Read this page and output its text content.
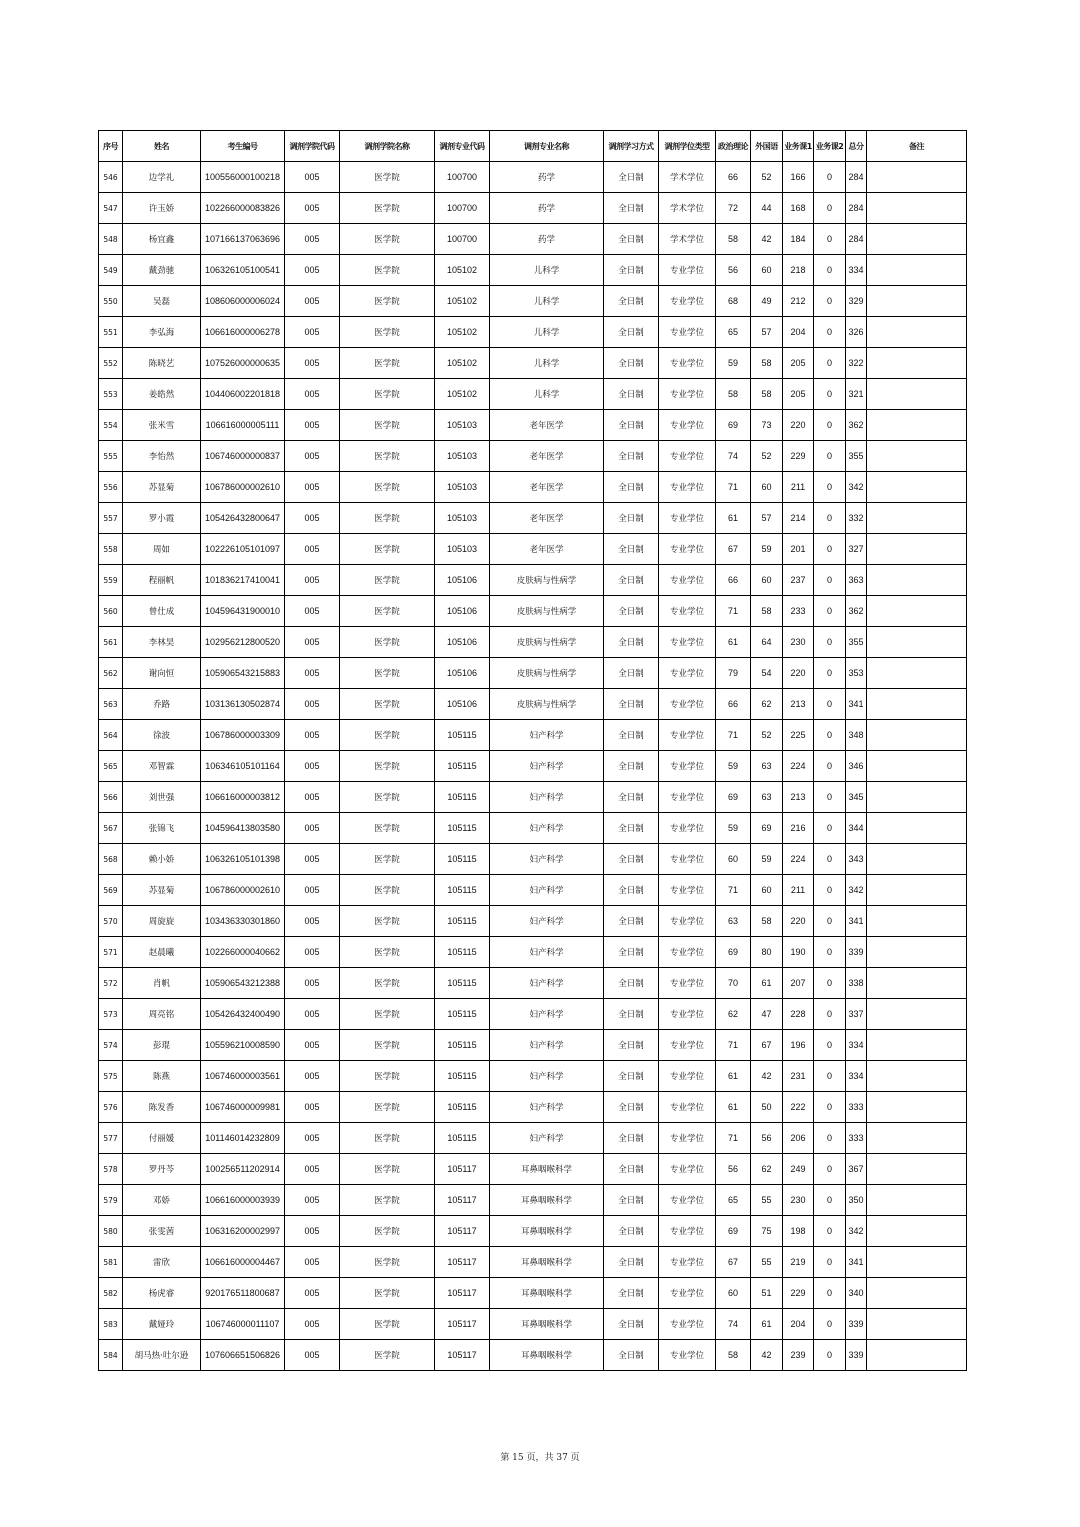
序号	姓名	考生编号	调剂学院代码	调剂学院名称	调剂专业代码	调剂专业名称	调剂学习方式	调剂学位类型	政治理论	外国语	业务课1	业务课2	总分	备注
546	边学礼	100556000100218	005	医学院	100700	药学	全日制	学术学位	66	52	166	0	284	
547	许玉娇	102266000083826	005	医学院	100700	药学	全日制	学术学位	72	44	168	0	284	
548	杨宜鑫	107166137063696	005	医学院	100700	药学	全日制	学术学位	58	42	184	0	284	
549	戴劲驰	106326105100541	005	医学院	105102	儿科学	全日制	专业学位	56	60	218	0	334	
550	吴磊	108606000006024	005	医学院	105102	儿科学	全日制	专业学位	68	49	212	0	329	
551	李弘海	106616000006278	005	医学院	105102	儿科学	全日制	专业学位	65	57	204	0	326	
552	陈晓艺	107526000000635	005	医学院	105102	儿科学	全日制	专业学位	59	58	205	0	322	
553	姜皓然	104406002201818	005	医学院	105102	儿科学	全日制	专业学位	58	58	205	0	321	
554	张米雪	106616000005111	005	医学院	105103	老年医学	全日制	专业学位	69	73	220	0	362	
555	李怡然	106746000000837	005	医学院	105103	老年医学	全日制	专业学位	74	52	229	0	355	
556	苏显菊	106786000002610	005	医学院	105103	老年医学	全日制	专业学位	71	60	211	0	342	
557	罗小霞	105426432800647	005	医学院	105103	老年医学	全日制	专业学位	61	57	214	0	332	
558	周如	102226105101097	005	医学院	105103	老年医学	全日制	专业学位	67	59	201	0	327	
559	程丽帆	101836217410041	005	医学院	105106	皮肤病与性病学	全日制	专业学位	66	60	237	0	363	
560	曾仕成	104596431900010	005	医学院	105106	皮肤病与性病学	全日制	专业学位	71	58	233	0	362	
561	李林昊	102956212800520	005	医学院	105106	皮肤病与性病学	全日制	专业学位	61	64	230	0	355	
562	谢向恒	105906543215883	005	医学院	105106	皮肤病与性病学	全日制	专业学位	79	54	220	0	353	
563	乔路	103136130502874	005	医学院	105106	皮肤病与性病学	全日制	专业学位	66	62	213	0	341	
564	徐波	106786000003309	005	医学院	105115	妇产科学	全日制	专业学位	71	52	225	0	348	
565	邓智霖	106346105101164	005	医学院	105115	妇产科学	全日制	专业学位	59	63	224	0	346	
566	刘世强	106616000003812	005	医学院	105115	妇产科学	全日制	专业学位	69	63	213	0	345	
567	张锦飞	104596413803580	005	医学院	105115	妇产科学	全日制	专业学位	59	69	216	0	344	
568	赖小娇	106326105101398	005	医学院	105115	妇产科学	全日制	专业学位	60	59	224	0	343	
569	苏显菊	106786000002610	005	医学院	105115	妇产科学	全日制	专业学位	71	60	211	0	342	
570	周旋旋	103436330301860	005	医学院	105115	妇产科学	全日制	专业学位	63	58	220	0	341	
571	赵晨曦	102266000040662	005	医学院	105115	妇产科学	全日制	专业学位	69	80	190	0	339	
572	肖帆	105906543212388	005	医学院	105115	妇产科学	全日制	专业学位	70	61	207	0	338	
573	周亮铭	105426432400490	005	医学院	105115	妇产科学	全日制	专业学位	62	47	228	0	337	
574	彭琨	105596210008590	005	医学院	105115	妇产科学	全日制	专业学位	71	67	196	0	334	
575	陈燕	106746000003561	005	医学院	105115	妇产科学	全日制	专业学位	61	42	231	0	334	
576	陈发香	106746000009981	005	医学院	105115	妇产科学	全日制	专业学位	61	50	222	0	333	
577	付丽媛	101146014232809	005	医学院	105115	妇产科学	全日制	专业学位	71	56	206	0	333	
578	罗丹芩	100256511202914	005	医学院	105117	耳鼻咽喉科学	全日制	专业学位	56	62	249	0	367	
579	邓娇	106616000003939	005	医学院	105117	耳鼻咽喉科学	全日制	专业学位	65	55	230	0	350	
580	张雯茜	106316200002997	005	医学院	105117	耳鼻咽喉科学	全日制	专业学位	69	75	198	0	342	
581	雷欣	106616000004467	005	医学院	105117	耳鼻咽喉科学	全日制	专业学位	67	55	219	0	341	
582	杨虎睿	920176511800687	005	医学院	105117	耳鼻咽喉科学	全日制	专业学位	60	51	229	0	340	
583	戴娅玲	106746000011107	005	医学院	105117	耳鼻咽喉科学	全日制	专业学位	74	61	204	0	339	
584	胡马热·吐尔逊	107606651506826	005	医学院	105117	耳鼻咽喉科学	全日制	专业学位	58	42	239	0	339	
第 15 页，共 37 页
